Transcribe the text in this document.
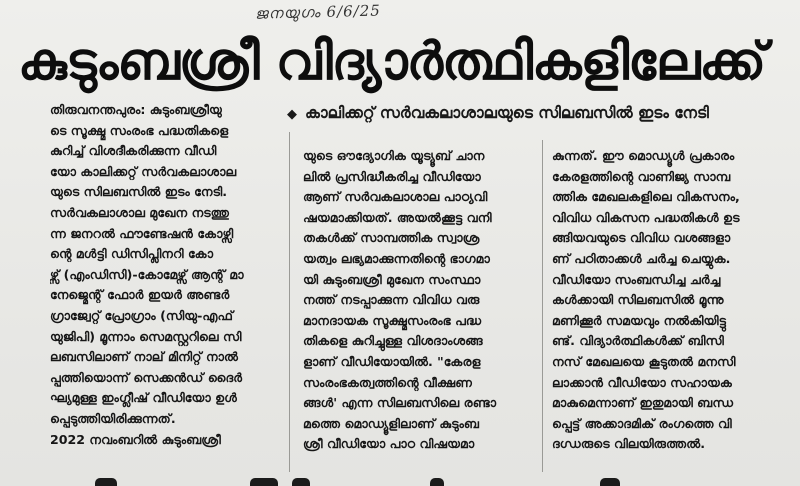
ജനയുഗം 6/6/25
കുടുംബശ്രീ വിദ്യാർത്ഥികളിലേക്ക്
◆ കാലിക്കറ്റ് സർവകലാശാലയുടെ സിലബസിൽ ഇടം നേടി
തിരുവനന്തപുരം: കുടുംബശ്രീയു
ടെ സൂക്ഷ്മ സംരംഭ പദ്ധതികളെ
കുറിച്ച് വിശദീകരിക്കുന്ന വീഡി
യോ കാലിക്കറ്റ് സർവകലാശാല
യുടെ സിലബസിൽ ഇടം നേടി.
സർവകലാശാല മുഖേന നടത്തു
ന്ന ജനറൽ ഫൗണ്ടേഷൻ കോഴ്സി
ന്റെ മൾട്ടി ഡിസിപ്ലിനറി കോ
ഴ്സ് (എംഡിസി)-കോമേഴ്സ് ആന്റ് മാ
നേജ്മെന്റ് ഫോർ ഇയർ അണ്ടർ
ഗ്രാജ്വേറ്റ് പ്രോഗ്രാം (സിയു-എഫ്
യുജിപി) മൂന്നാം സെമസ്റ്ററിലെ സി
ലബസിലാണ് നാല് മിനിറ്റ് നാൽ
പ്പത്തിയൊന്ന് സെക്കൻഡ് ദൈർ
ഘ്യമുള്ള ഇംഗ്ലീഷ് വീഡിയോ ഉൾ
പ്പെടുത്തിയിരിക്കുന്നത്.
2022 നവംബറിൽ കുടുംബശ്രീ
യുടെ ഔദ്യോഗിക യൂട്യൂബ് ചാന
ലിൽ പ്രസിദ്ധീകരിച്ച വീഡിയോ
ആണ് സർവകലാശാല പാഠ്യവി
ഷയമാക്കിയത്. അയൽക്കൂട്ട വനി
തകൾക്ക് സാമ്പത്തിക സ്വാശ്ര
യത്വം ലഭ്യമാക്കുന്നതിന്റെ ഭാഗമാ
യി കുടുംബശ്രീ മുഖേന സംസ്ഥാ
നത്ത് നടപ്പാക്കുന്ന വിവിധ വരു
മാനദായക സൂക്ഷ്മസംരംഭ പദ്ധ
തികളെ കുറിച്ചുള്ള വിശദാംശങ്ങ
ളാണ് വീഡിയോയിൽ. "കേരള
സംരംഭകത്വത്തിന്റെ വീക്ഷണ
ങ്ങൾ' എന്ന സിലബസിലെ രണ്ടാ
മത്തെ മൊഡ്യൂളിലാണ് കുടുംബ
ശ്രീ വീഡിയോ പാഠ വിഷയമാ
കുന്നത്. ഈ മൊഡ്യൂൾ പ്രകാരം
കേരളത്തിന്റെ വാണിജ്യ സാമ്പ
ത്തിക മേഖലകളിലെ വികസനം,
വിവിധ വികസന പദ്ധതികൾ ഉട
ങ്ങിയവയുടെ വിവിധ വശങ്ങളാ
ണ് പഠിതാക്കൾ ചർച്ച ചെയ്യുക.
വീഡിയോ സംബന്ധിച്ച ചർച്ച
കൾക്കായി സിലബസിൽ മൂന്നു
മണിക്കൂർ സമയവും നൽകിയിട്ടു
ണ്ട്. വിദ്യാർത്ഥികൾക്ക് ബിസി
നസ് മേഖലയെ കൂടുതൽ മനസി
ലാക്കാൻ വീഡിയോ സഹായക
മാകുമെന്നാണ് ഇതുമായി ബന്ധ
പ്പെട്ട് അക്കാദമിക് രംഗത്തെ വി
ദഗ്ധരുടെ വിലയിരുത്തൽ.
